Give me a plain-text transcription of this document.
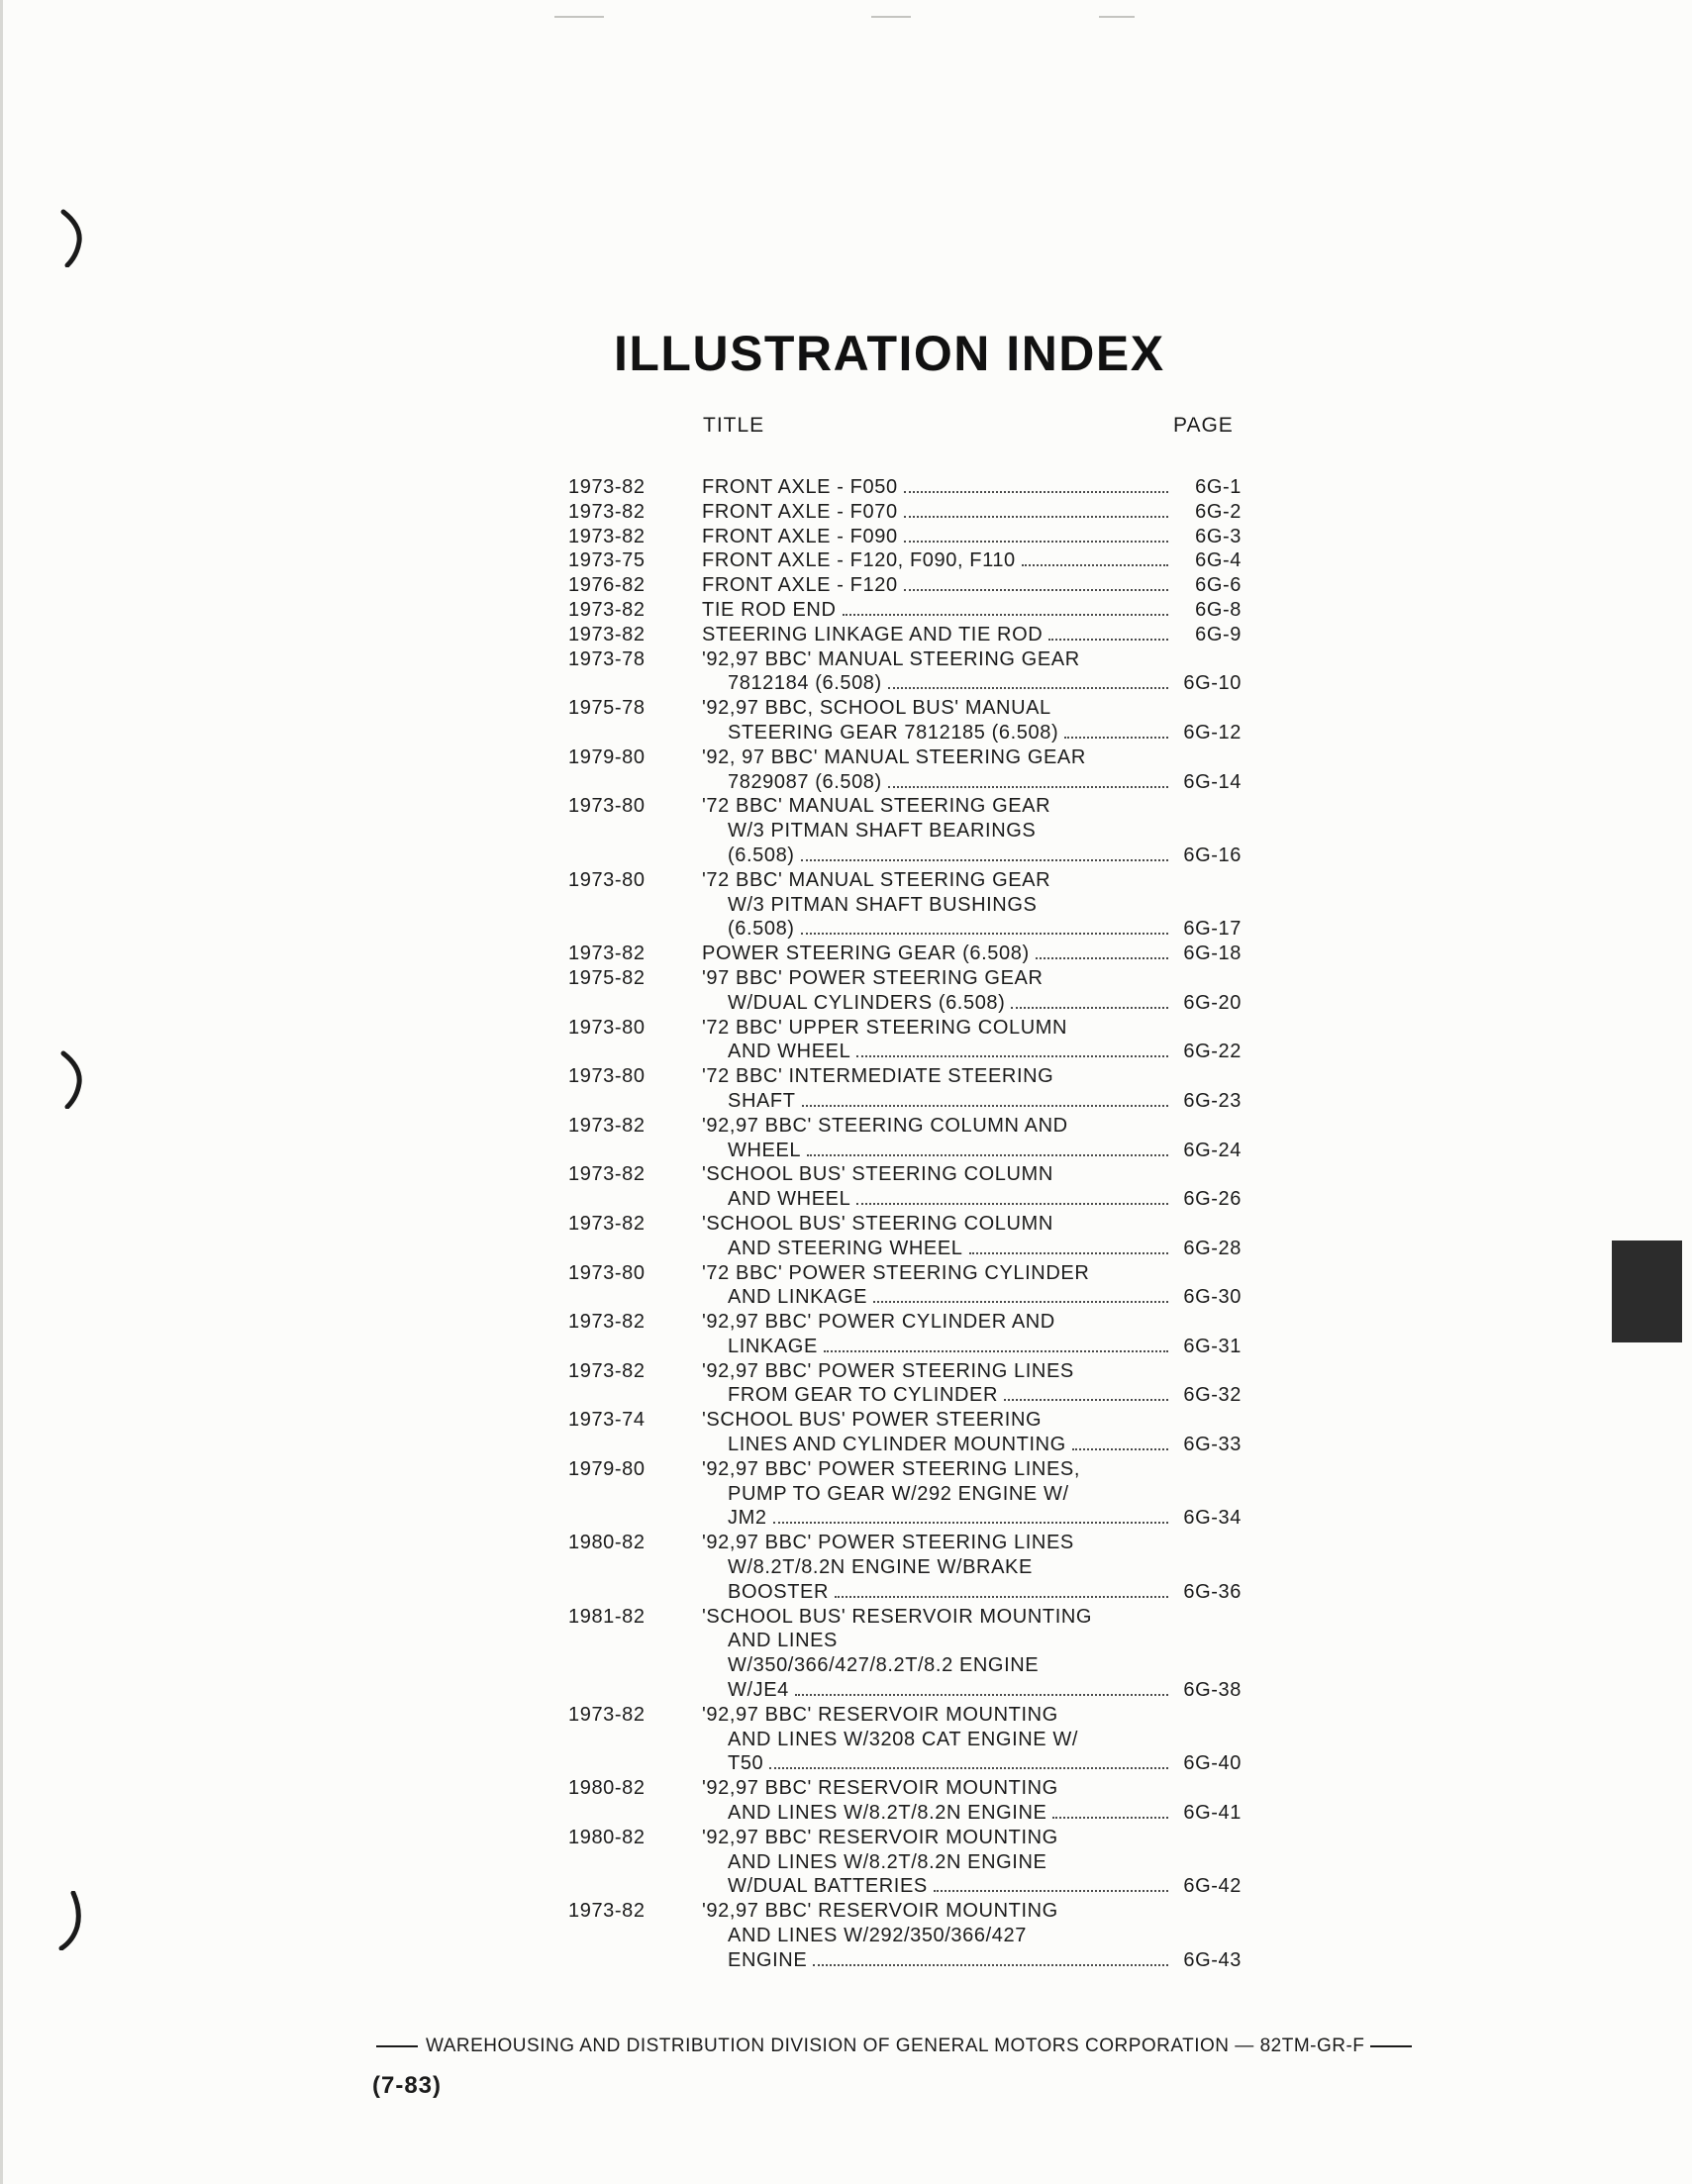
ILLUSTRATION INDEX
TITLE	PAGE
1973-82	FRONT AXLE - F050	6G-1
1973-82	FRONT AXLE - F070	6G-2
1973-82	FRONT AXLE - F090	6G-3
1973-75	FRONT AXLE - F120, F090, F110	6G-4
1976-82	FRONT AXLE - F120	6G-6
1973-82	TIE ROD END	6G-8
1973-82	STEERING LINKAGE AND TIE ROD	6G-9
1973-78	'92,97 BBC' MANUAL STEERING GEAR
7812184 (6.508)	6G-10
1975-78	'92,97 BBC, SCHOOL BUS' MANUAL
STEERING GEAR 7812185 (6.508)	6G-12
1979-80	'92, 97 BBC' MANUAL STEERING GEAR
7829087 (6.508)	6G-14
1973-80	'72 BBC' MANUAL STEERING GEAR
W/3 PITMAN SHAFT BEARINGS
(6.508)	6G-16
1973-80	'72 BBC' MANUAL STEERING GEAR
W/3 PITMAN SHAFT BUSHINGS
(6.508)	6G-17
1973-82	POWER STEERING GEAR (6.508)	6G-18
1975-82	'97 BBC' POWER STEERING GEAR
W/DUAL CYLINDERS (6.508)	6G-20
1973-80	'72 BBC' UPPER STEERING COLUMN
AND WHEEL	6G-22
1973-80	'72 BBC' INTERMEDIATE STEERING
SHAFT	6G-23
1973-82	'92,97 BBC' STEERING COLUMN AND
WHEEL	6G-24
1973-82	'SCHOOL BUS' STEERING COLUMN
AND WHEEL	6G-26
1973-82	'SCHOOL BUS' STEERING COLUMN
AND STEERING WHEEL	6G-28
1973-80	'72 BBC' POWER STEERING CYLINDER
AND LINKAGE	6G-30
1973-82	'92,97 BBC' POWER CYLINDER AND
LINKAGE	6G-31
1973-82	'92,97 BBC' POWER STEERING LINES
FROM GEAR TO CYLINDER	6G-32
1973-74	'SCHOOL BUS' POWER STEERING
LINES AND CYLINDER MOUNTING	6G-33
1979-80	'92,97 BBC' POWER STEERING LINES,
PUMP TO GEAR W/292 ENGINE W/
JM2	6G-34
1980-82	'92,97 BBC' POWER STEERING LINES
W/8.2T/8.2N ENGINE W/BRAKE
BOOSTER	6G-36
1981-82	'SCHOOL BUS' RESERVOIR MOUNTING
AND LINES
W/350/366/427/8.2T/8.2 ENGINE
W/JE4	6G-38
1973-82	'92,97 BBC' RESERVOIR MOUNTING
AND LINES W/3208 CAT ENGINE W/
T50	6G-40
1980-82	'92,97 BBC' RESERVOIR MOUNTING
AND LINES W/8.2T/8.2N ENGINE	6G-41
1980-82	'92,97 BBC' RESERVOIR MOUNTING
AND LINES W/8.2T/8.2N ENGINE
W/DUAL BATTERIES	6G-42
1973-82	'92,97 BBC' RESERVOIR MOUNTING
AND LINES W/292/350/366/427
ENGINE	6G-43
WAREHOUSING AND DISTRIBUTION DIVISION OF GENERAL MOTORS CORPORATION — 82TM-GR-F
(7-83)
